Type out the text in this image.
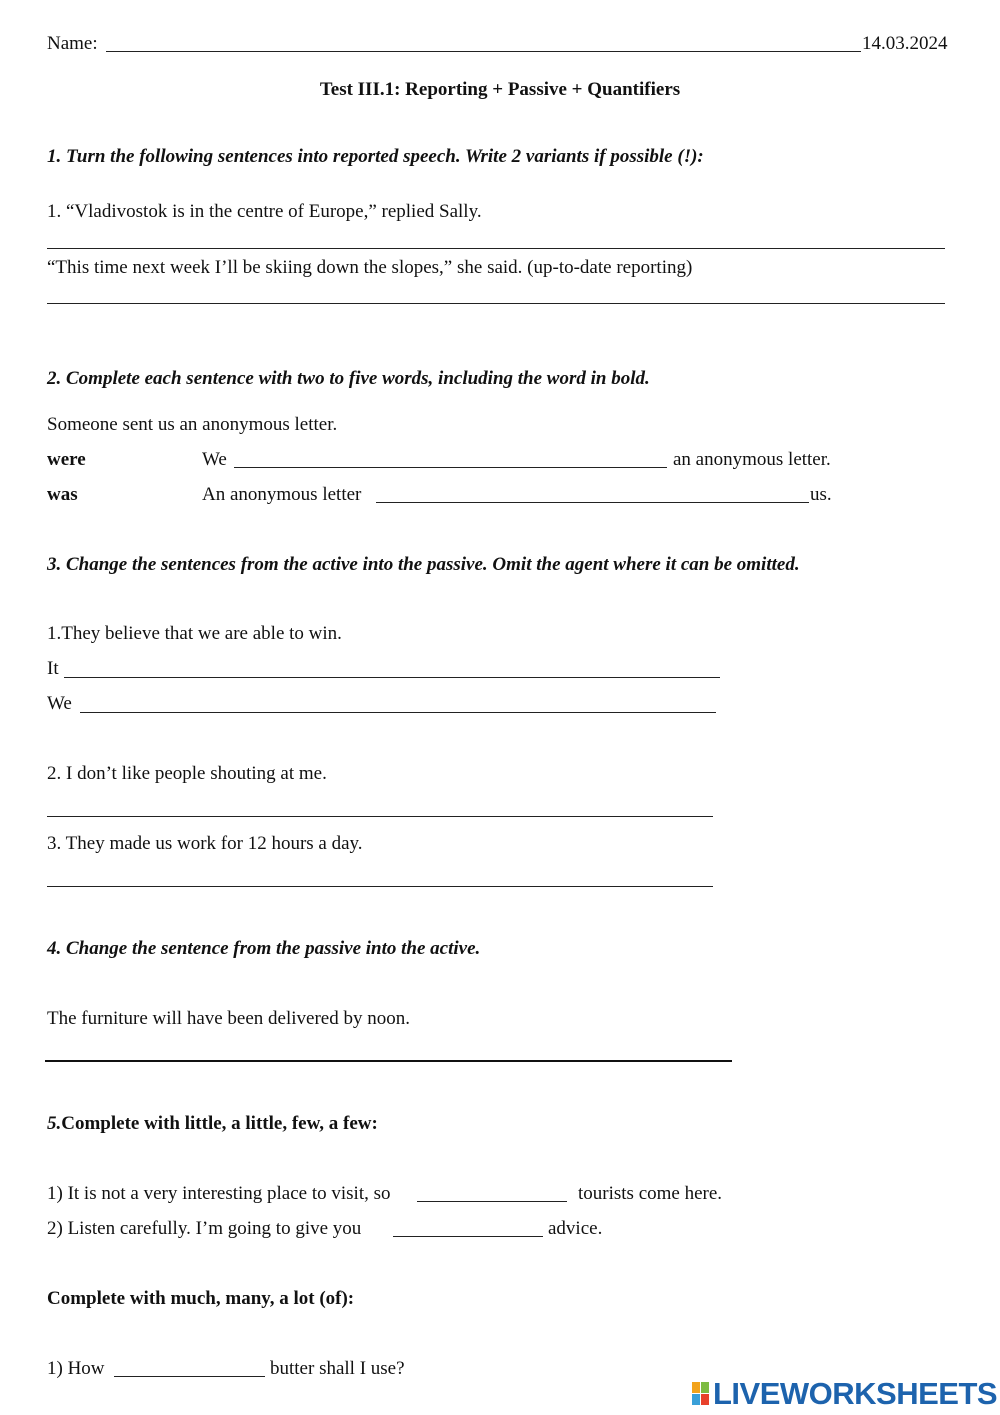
Name:	14.03.2024
Test III.1: Reporting + Passive + Quantifiers
1. Turn the following sentences into reported speech. Write 2 variants if possible (!):
1. “Vladivostok is in the centre of Europe,” replied Sally.
“This time next week I’ll be skiing down the slopes,” she said. (up-to-date reporting)
2. Complete each sentence with two to five words, including the word in bold.
Someone sent us an anonymous letter.
were	We	an anonymous letter.
was	An anonymous letter	us.
3. Change the sentences from the active into the passive. Omit the agent where it can be omitted.
1.They believe that we are able to win.
It
We
2. I don’t like people shouting at me.
3. They made us work for 12 hours a day.
4. Change the sentence from the passive into the active.
The furniture will have been delivered by noon.
5.Complete with little, a little, few, a few:
1) It is not a very interesting place to visit, so	tourists come here.
2) Listen carefully. I’m going to give you	advice.
Complete with much, many, a lot (of):
1) How	butter shall I use?
LIVEWORKSHEETS
